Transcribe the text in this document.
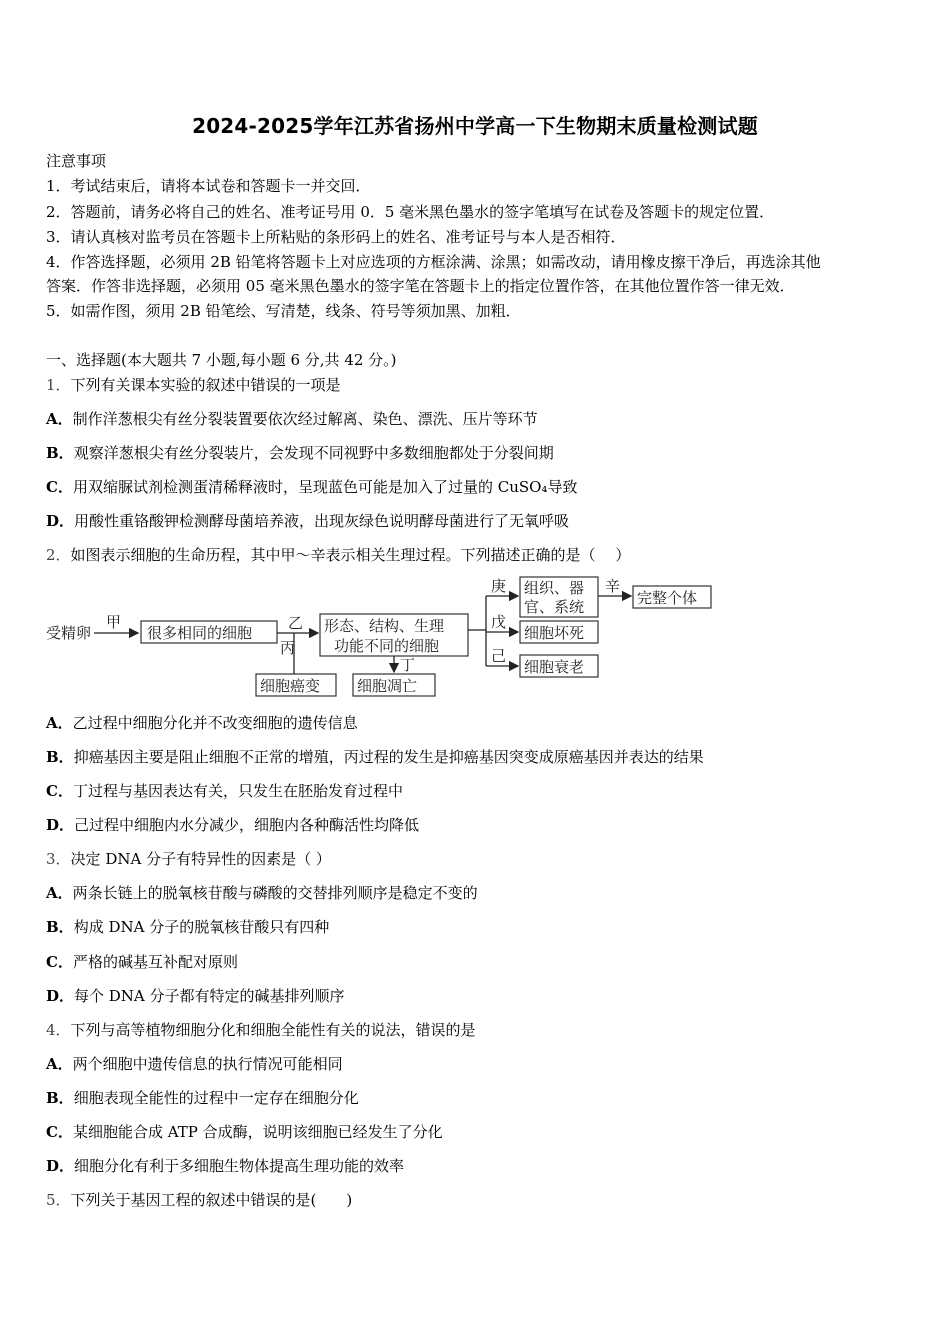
2024-2025学年江苏省扬州中学高一下生物期末质量检测试题
注意事项
1．考试结束后，请将本试卷和答题卡一并交回．
2．答题前，请务必将自己的姓名、准考证号用 0．5 毫米黑色墨水的签字笔填写在试卷及答题卡的规定位置．
3．请认真核对监考员在答题卡上所粘贴的条形码上的姓名、准考证号与本人是否相符．
4．作答选择题，必须用 2B 铅笔将答题卡上对应选项的方框涂满、涂黑；如需改动，请用橡皮擦干净后，再选涂其他
答案．作答非选择题，必须用 05 毫米黑色墨水的签字笔在答题卡上的指定位置作答，在其他位置作答一律无效．
5．如需作图，须用 2B 铅笔绘、写清楚，线条、符号等须加黑、加粗．
一、选择题(本大题共 7 小题,每小题 6 分,共 42 分。)
1．下列有关课本实验的叙述中错误的一项是
A．制作洋葱根尖有丝分裂装置要依次经过解离、染色、漂洗、压片等环节
B．观察洋葱根尖有丝分裂装片，会发现不同视野中多数细胞都处于分裂间期
C．用双缩脲试剂检测蛋清稀释液时，呈现蓝色可能是加入了过量的 CuSO₄导致
D．用酸性重铬酸钾检测酵母菌培养液，出现灰绿色说明酵母菌进行了无氧呼吸
2．如图表示细胞的生命历程，其中甲～辛表示相关生理过程。下列描述正确的是（　 ）
受精卵
甲
很多相同的细胞
乙
丙
细胞癌变
形态、结构、生理
功能不同的细胞
丁
细胞凋亡
庚
戊
己
组织、器
官、系统
辛
完整个体
细胞坏死
细胞衰老
A．乙过程中细胞分化并不改变细胞的遗传信息
B．抑癌基因主要是阻止细胞不正常的增殖，丙过程的发生是抑癌基因突变成原癌基因并表达的结果
C．丁过程与基因表达有关，只发生在胚胎发育过程中
D．己过程中细胞内水分减少，细胞内各种酶活性均降低
3．决定 DNA 分子有特异性的因素是（ ）
A．两条长链上的脱氧核苷酸与磷酸的交替排列顺序是稳定不变的
B．构成 DNA 分子的脱氧核苷酸只有四种
C．严格的碱基互补配对原则
D．每个 DNA 分子都有特定的碱基排列顺序
4．下列与高等植物细胞分化和细胞全能性有关的说法，错误的是
A．两个细胞中遗传信息的执行情况可能相同
B．细胞表现全能性的过程中一定存在细胞分化
C．某细胞能合成 ATP 合成酶，说明该细胞已经发生了分化
D．细胞分化有利于多细胞生物体提高生理功能的效率
5．下列关于基因工程的叙述中错误的是(　　)
